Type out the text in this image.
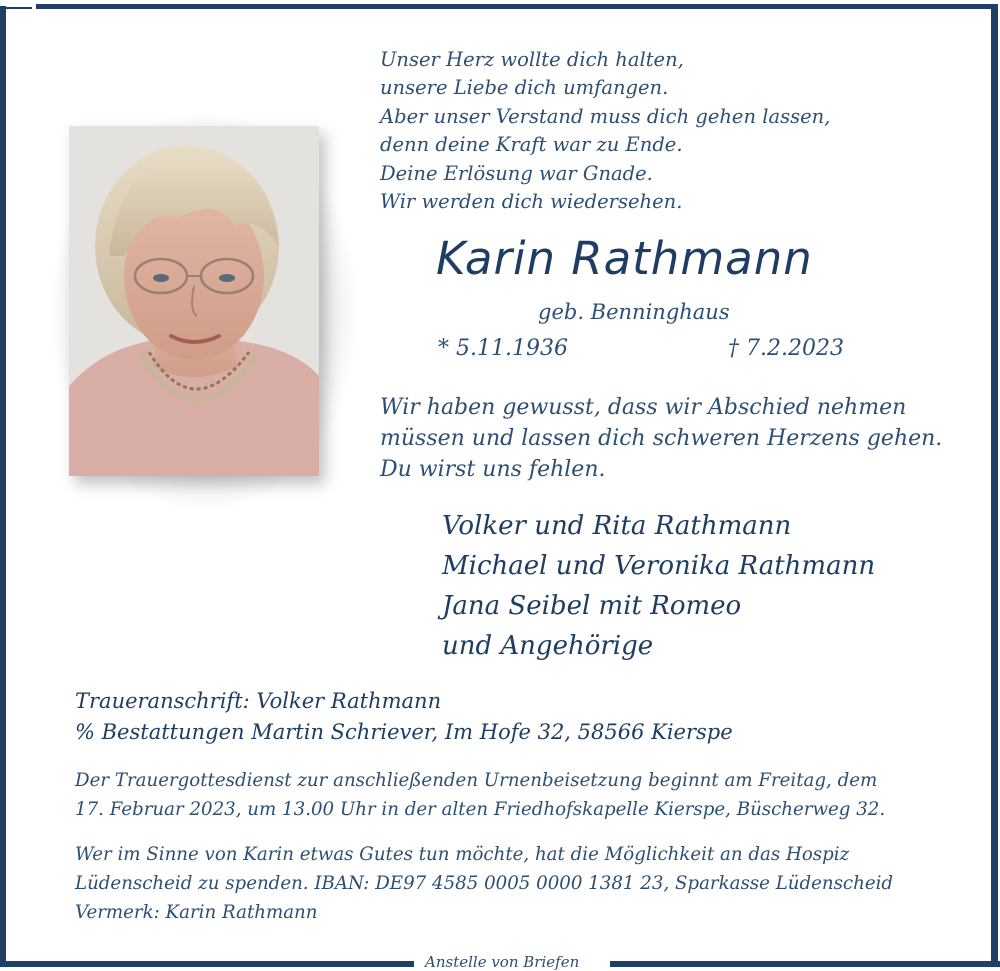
Unser Herz wollte dich halten,
unsere Liebe dich umfangen.
Aber unser Verstand muss dich gehen lassen,
denn deine Kraft war zu Ende.
Deine Erlösung war Gnade.
Wir werden dich wiedersehen.
Karin Rathmann
geb. Benninghaus
* 5.11.1936	† 7.2.2023
Wir haben gewusst, dass wir Abschied nehmen
müssen und lassen dich schweren Herzens gehen.
Du wirst uns fehlen.
Volker und Rita Rathmann
Michael und Veronika Rathmann
Jana Seibel mit Romeo
und Angehörige
Traueranschrift: Volker Rathmann
% Bestattungen Martin Schriever, Im Hofe 32, 58566 Kierspe
Der Trauergottesdienst zur anschließenden Urnenbeisetzung beginnt am Freitag, dem
17. Februar 2023, um 13.00 Uhr in der alten Friedhofskapelle Kierspe, Büscherweg 32.
Wer im Sinne von Karin etwas Gutes tun möchte, hat die Möglichkeit an das Hospiz
Lüdenscheid zu spenden. IBAN: DE97 4585 0005 0000 1381 23, Sparkasse Lüdenscheid
Vermerk: Karin Rathmann
Anstelle von Briefen
